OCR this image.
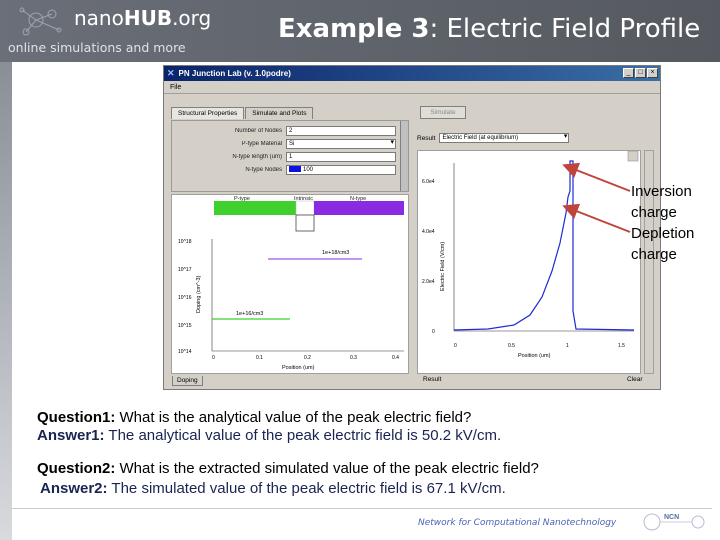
nanoHUB.org
online simulations and more
Example 3: Electric Field Profile
✕ PN Junction Lab (v. 1.0podre)	_	□	×
File
Structural Properties	Simulate and Plots	Simulate
Number of Nodes	2
P-type Material	Si ▾
N-type length (um)	1
N-type Nodes	100
Result	Electric Field (at equilibrium) ▾
P-type	Intrinsic	N-type
10^18
10^17
10^16
10^15
10^14
0	0.1	0.2	0.3	0.4
Position (um)
Doping (cm^-3)
1e+18/cm3
1e+16/cm3
6.0e4
4.0e4
2.0e4
0
0	0.5	1	1.5
Position (um)
Electric Field (V/cm)
Doping	Result	Clear
Inversion
charge
Depletion
charge
Question1: What is the analytical value of the peak electric field?
Answer1: The analytical value of the peak electric field is 50.2 kV/cm.
Question2: What is the extracted simulated value of the peak electric field?
Answer2: The simulated value of the peak electric field is 67.1 kV/cm.
Network for Computational Nanotechnology
NCN
